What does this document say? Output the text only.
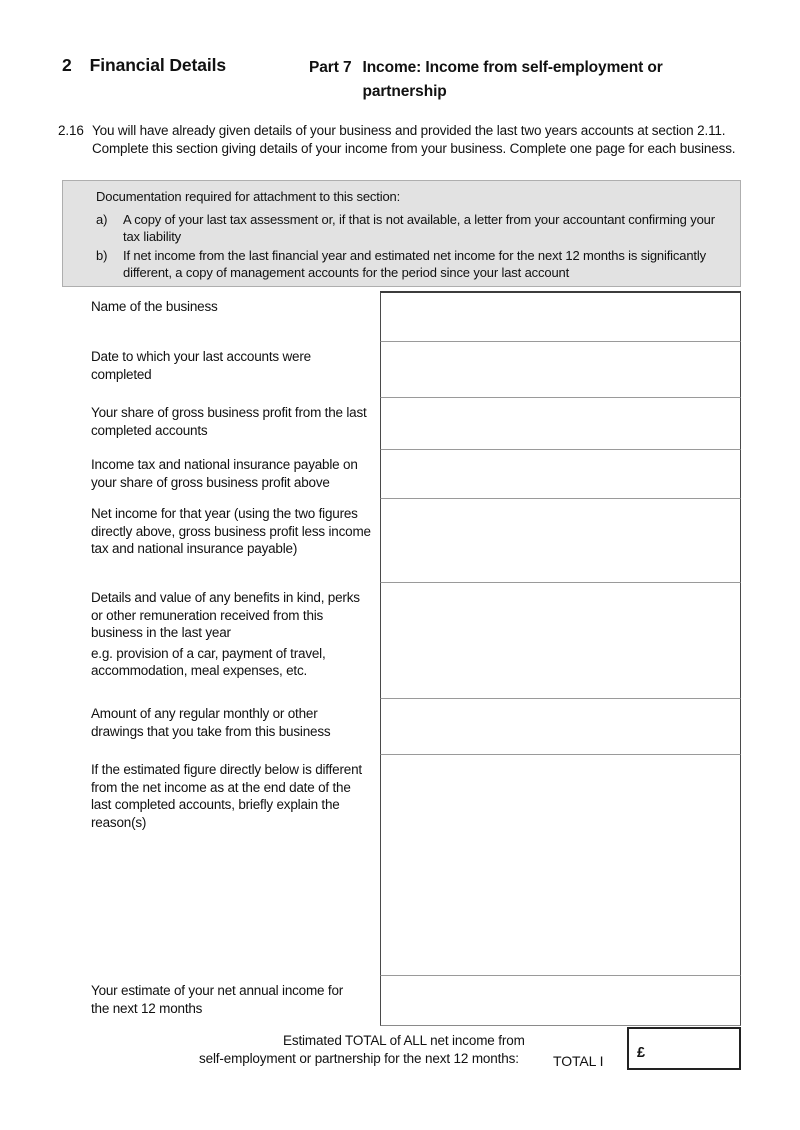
2 Financial Details	Part 7 Income: Income from self-employment or
partnership
2.16 You will have already given details of your business and provided the last two years accounts at section 2.11. Complete this section giving details of your income from your business. Complete one page for each business.
Documentation required for attachment to this section:
a)	A copy of your last tax assessment or, if that is not available, a letter from your accountant confirming your tax liability
b)	If net income from the last financial year and estimated net income for the next 12 months is significantly different, a copy of management accounts for the period since your last account
Name of the business
Date to which your last accounts were completed
Your share of gross business profit from the last completed accounts
Income tax and national insurance payable on your share of gross business profit above
Net income for that year (using the two figures directly above, gross business profit less income tax and national insurance payable)
Details and value of any benefits in kind, perks or other remuneration received from this business in the last year
e.g. provision of a car, payment of travel, accommodation, meal expenses, etc.
Amount of any regular monthly or other drawings that you take from this business
If the estimated figure directly below is different from the net income as at the end date of the last completed accounts, briefly explain the reason(s)
Your estimate of your net annual income for the next 12 months
Estimated TOTAL of ALL net income from
self-employment or partnership for the next 12 months: TOTAL I	£
